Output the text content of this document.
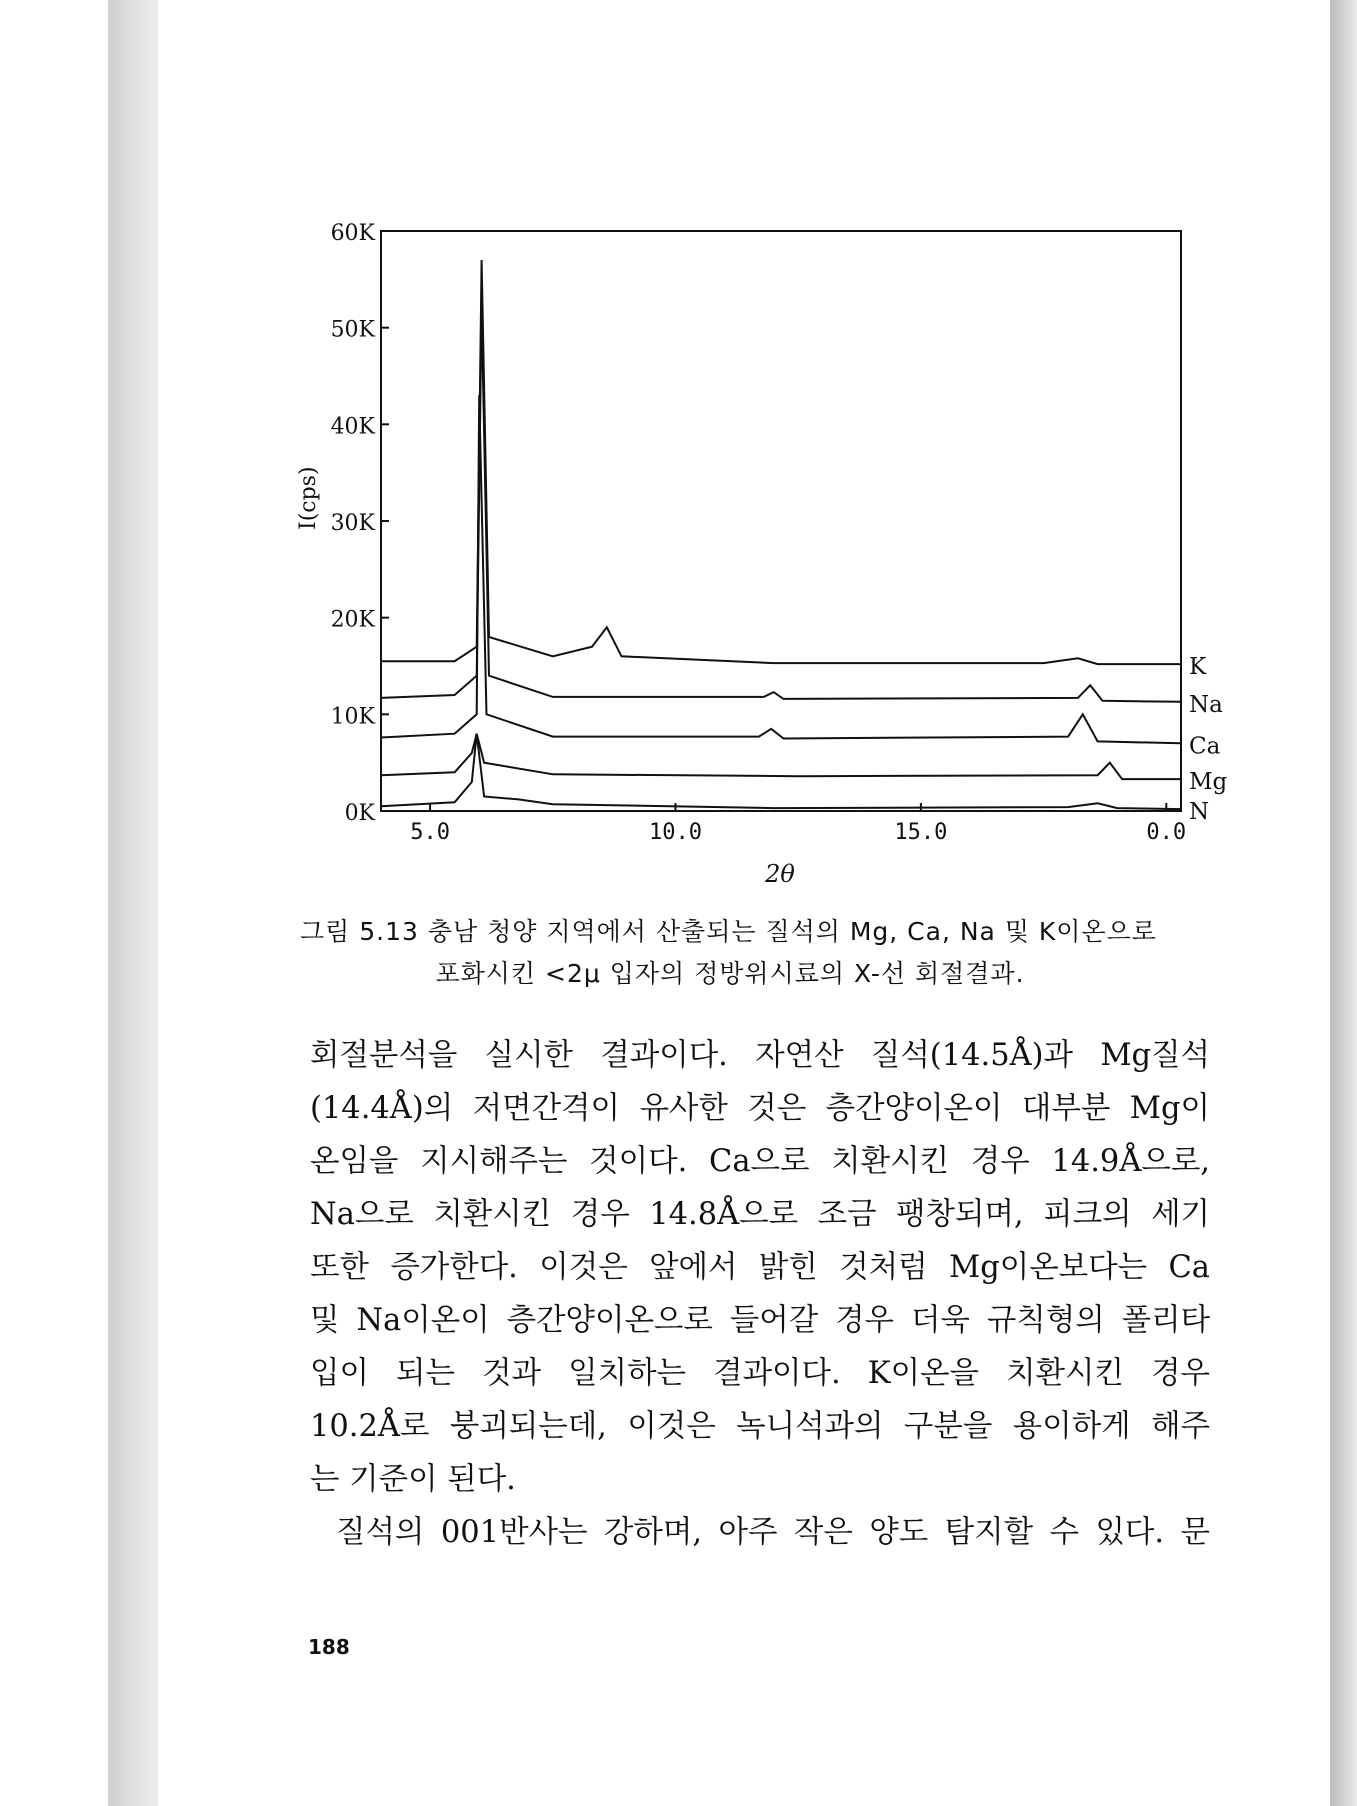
60K
50K
40K
30K
20K
10K
0K
5.0	10.0	15.0	0.0
K
Na
Ca
Mg
N
I(cps)
2θ
그림 5.13 충남 청양 지역에서 산출되는 질석의 Mg, Ca, Na 및 K이온으로
포화시킨 <2μ 입자의 정방위시료의 X-선 회절결과.
회절분석을 실시한 결과이다. 자연산 질석(14.5Å)과 Mg질석
(14.4Å)의 저면간격이 유사한 것은 층간양이온이 대부분 Mg이
온임을 지시해주는 것이다. Ca으로 치환시킨 경우 14.9Å으로,
Na으로 치환시킨 경우 14.8Å으로 조금 팽창되며, 피크의 세기
또한 증가한다. 이것은 앞에서 밝힌 것처럼 Mg이온보다는 Ca
및 Na이온이 층간양이온으로 들어갈 경우 더욱 규칙형의 폴리타
입이 되는 것과 일치하는 결과이다. K이온을 치환시킨 경우
10.2Å로 붕괴되는데, 이것은 녹니석과의 구분을 용이하게 해주
는 기준이 된다.
질석의 001반사는 강하며, 아주 작은 양도 탐지할 수 있다. 문
188
